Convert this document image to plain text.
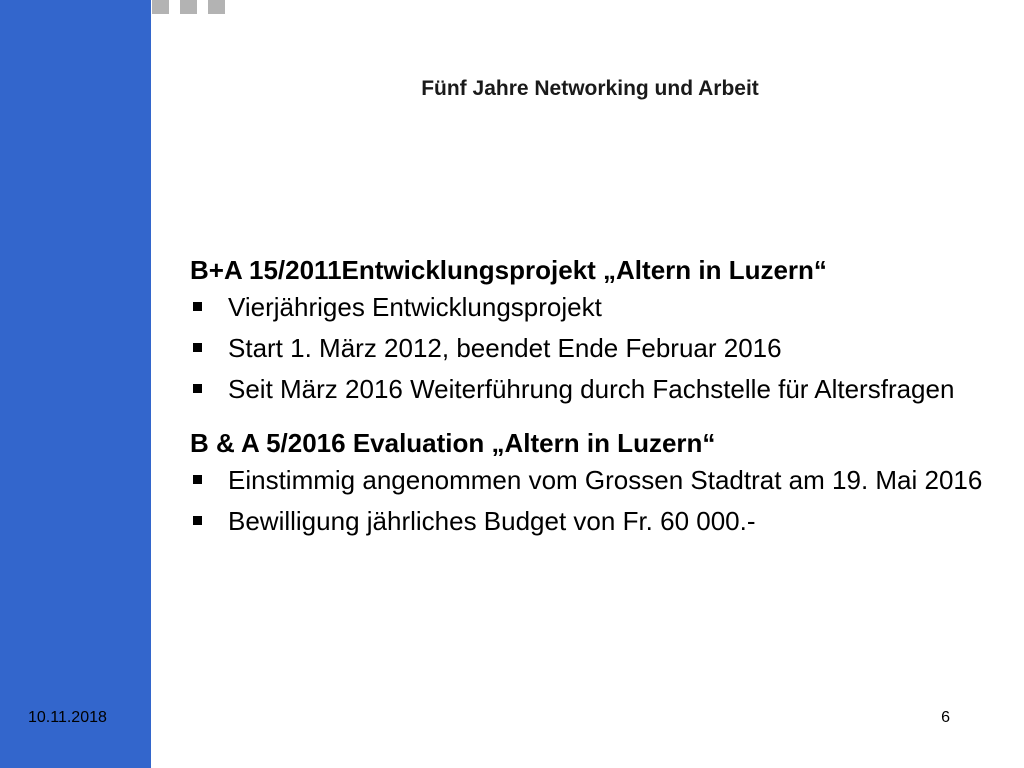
Fünf Jahre Networking und Arbeit
B+A 15/2011Entwicklungsprojekt „Altern in Luzern“
Vierjähriges Entwicklungsprojekt
Start 1. März 2012, beendet Ende Februar 2016
Seit März 2016 Weiterführung durch Fachstelle für Altersfragen
B & A 5/2016 Evaluation „Altern in Luzern“
Einstimmig angenommen vom Grossen Stadtrat am 19. Mai 2016
Bewilligung jährliches Budget von Fr. 60 000.-
10.11.2018	6
